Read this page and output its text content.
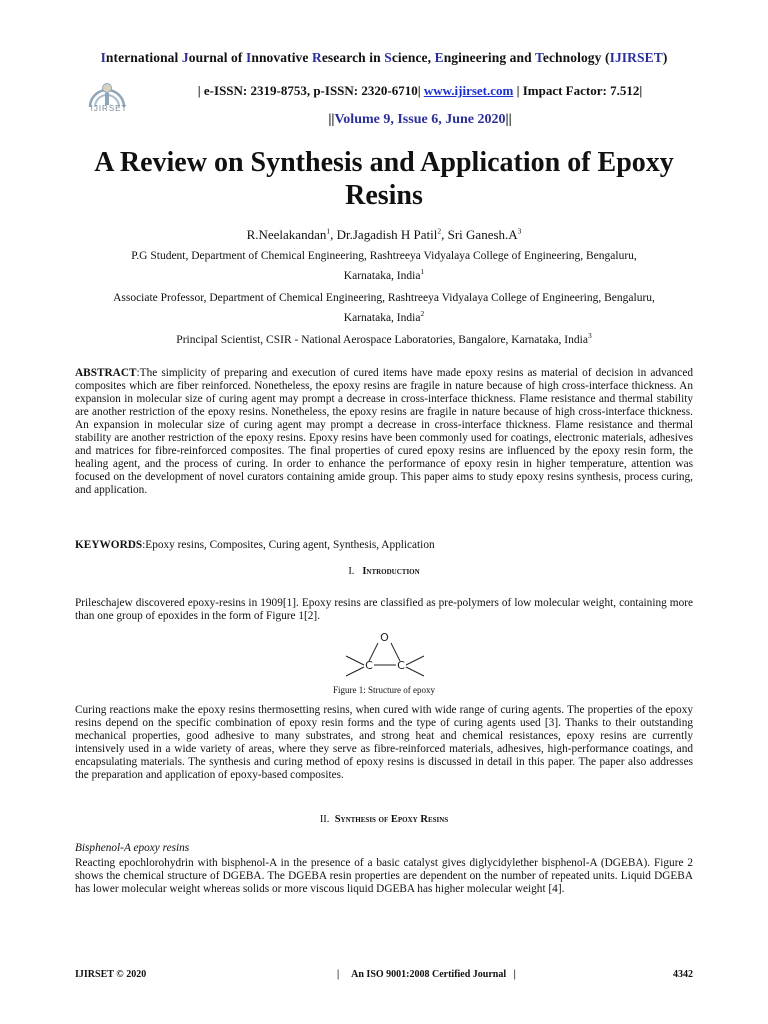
International Journal of Innovative Research in Science, Engineering and Technology (IJIRSET)
IJIRSET
| e-ISSN: 2319-8753, p-ISSN: 2320-6710| www.ijirset.com | Impact Factor: 7.512|
||Volume 9, Issue 6, June 2020||
A Review on Synthesis and Application of Epoxy Resins
R.Neelakandan$^1$, Dr.Jagadish H Patil$^2$, Sri $Ganesh.A^3$
P.G Student, Department of Chemical Engineering, Rashtreeya Vidyalaya College of Engineering, Bengaluru,
Karnataka, India$^1$
Associate Professor, Department of Chemical Engineering, Rashtreeya Vidyalaya College of Engineering, Bengaluru,
Karnataka, India$^2$
Principal Scientist, CSIR - National Aerospace Laboratories, Bangalore, Karnataka, India$^3$
ABSTRACT:The simplicity of preparing and execution of cured items have made epoxy resins as material of decision in advanced composites which are fiber reinforced. Nonetheless, the epoxy resins are fragile in nature because of high cross-interface thickness. An expansion in molecular size of curing agent may prompt a decrease in cross-interface thickness. Flame resistance and thermal stability are another restriction of the epoxy resins. Nonetheless, the epoxy resins are fragile in nature because of high cross-interface thickness. An expansion in molecular size of curing agent may prompt a decrease in cross-interface thickness. Flame resistance and thermal stability are another restriction of the epoxy resins. Epoxy resins have been commonly used for coatings, electronic materials, adhesives and matrices for fibre-reinforced composites. The final properties of cured epoxy resins are influenced by the epoxy resin form, the healing agent, and the process of curing. In order to enhance the performance of epoxy resin in higher temperature, attention was focused on the development of novel curators containing amide group. This paper aims to study epoxy resins synthesis, process curing, and application.
KEYWORDS:Epoxy resins, Composites, Curing agent, Synthesis, Application
I. Introduction
Prileschajew discovered epoxy-resins in 1909[1]. Epoxy resins are classified as pre-polymers of low molecular weight, containing more than one group of epoxides in the form of Figure 1[2].
O
C C
Figure 1: Structure of epoxy
Curing reactions make the epoxy resins thermosetting resins, when cured with wide range of curing agents. The properties of the epoxy resins depend on the specific combination of epoxy resin forms and the type of curing agents used [3]. Thanks to their outstanding mechanical properties, good adhesive to many substrates, and strong heat and chemical resistances, epoxy resins are currently intensively used in a wide variety of areas, where they serve as fibre-reinforced materials, adhesives, high-performance coatings, and encapsulating materials. The synthesis and curing method of epoxy resins is discussed in detail in this paper. The paper also addresses the preparation and application of epoxy-based composites.
II. Synthesis of Epoxy Resins
Bisphenol-A epoxy resins
Reacting epochlorohydrin with bisphenol-A in the presence of a basic catalyst gives diglycidylether bisphenol-A (DGEBA). Figure 2 shows the chemical structure of DGEBA. The DGEBA resin properties are dependent on the number of repeated units. Liquid DGEBA has lower molecular weight whereas solids or more viscous liquid DGEBA has higher molecular weight [4].
IJIRSET © 2020	|     An ISO 9001:2008 Certified Journal   |	4342
